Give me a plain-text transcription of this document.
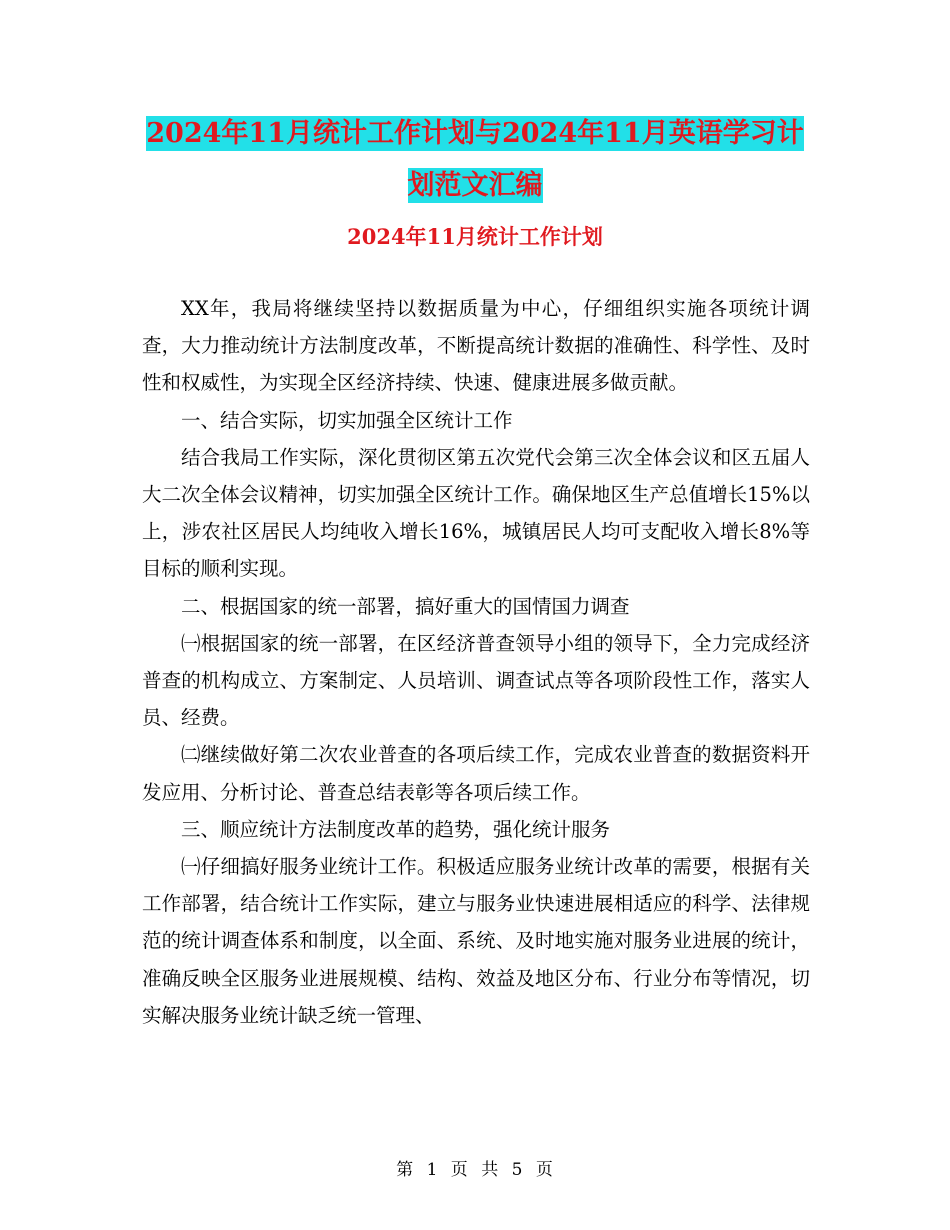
2024年11月统计工作计划与2024年11月英语学习计
划范文汇编
2024年11月统计工作计划

XX年，我局将继续坚持以数据质量为中心，仔细组织实施各项统计调查，大力推动统计方法制度改革，不断提高统计数据的准确性、科学性、及时性和权威性，为实现全区经济持续、快速、健康进展多做贡献。

一、结合实际，切实加强全区统计工作

结合我局工作实际，深化贯彻区第五次党代会第三次全体会议和区五届人大二次全体会议精神，切实加强全区统计工作。确保地区生产总值增长15%以上，涉农社区居民人均纯收入增长16%，城镇居民人均可支配收入增长8%等目标的顺利实现。

二、根据国家的统一部署，搞好重大的国情国力调查

㈠根据国家的统一部署，在区经济普查领导小组的领导下，全力完成经济普查的机构成立、方案制定、人员培训、调查试点等各项阶段性工作，落实人员、经费。

㈡继续做好第二次农业普查的各项后续工作，完成农业普查的数据资料开发应用、分析讨论、普查总结表彰等各项后续工作。

三、顺应统计方法制度改革的趋势，强化统计服务

㈠仔细搞好服务业统计工作。积极适应服务业统计改革的需要，根据有关工作部署，结合统计工作实际，建立与服务业快速进展相适应的科学、法律规范的统计调查体系和制度，以全面、系统、及时地实施对服务业进展的统计，准确反映全区服务业进展规模、结构、效益及地区分布、行业分布等情况，切实解决服务业统计缺乏统一管理、

第 1 页 共 5 页
